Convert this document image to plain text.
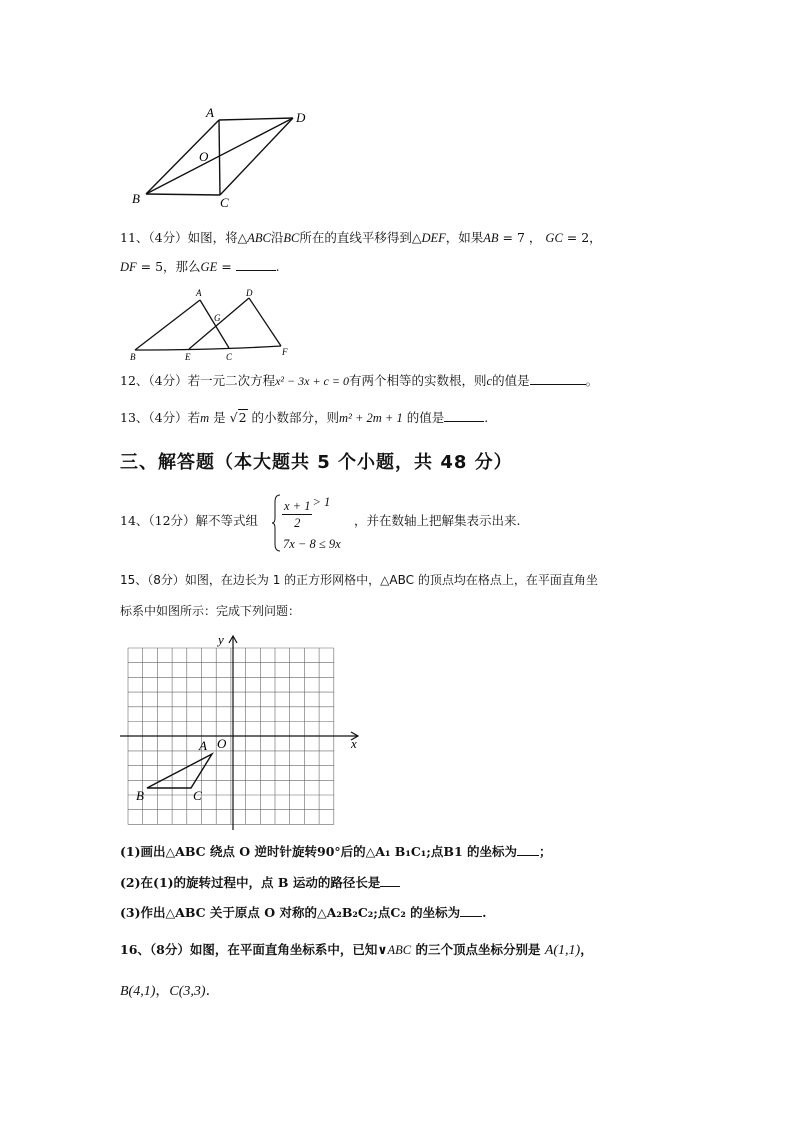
A	D
O
B	C
11、（4分）如图，将△ABC沿BC所在的直线平移得到△DEF，如果AB = 7 ， GC = 2，
DF = 5，那么GE =	.
A	D
G
B	E	C	F
12、（4分）若一元二次方程x² − 3x + c = 0有两个相等的实数根，则c的值是	。
13、（4分）若m 是 √2 的小数部分，则m² + 2m + 1 的值是	.
三、解答题（本大题共 5 个小题，共 48 分）
14、（12分）解不等式组 $\frac{x + 1}{2} > 1$
7x − 8 ≤ 9x
，并在数轴上把解集表示出来.
15、（8分）如图，在边长为 1 的正方形网格中，△ABC 的顶点均在格点上，在平面直角坐
标系中如图所示：完成下列问题：
y
x
O
A
B	C
(1)画出△ABC 绕点 O 逆时针旋转90°后的△A₁ B₁C₁;点B1 的坐标为 ；
(2)在(1)的旋转过程中，点 B 运动的路径长是
(3)作出△ABC 关于原点 O 对称的△A₂B₂C₂;点C₂ 的坐标为 .
16、（8分）如图，在平面直角坐标系中，已知∨ABC 的三个顶点坐标分别是 A(1,1)，
B(4,1)，C(3,3).
